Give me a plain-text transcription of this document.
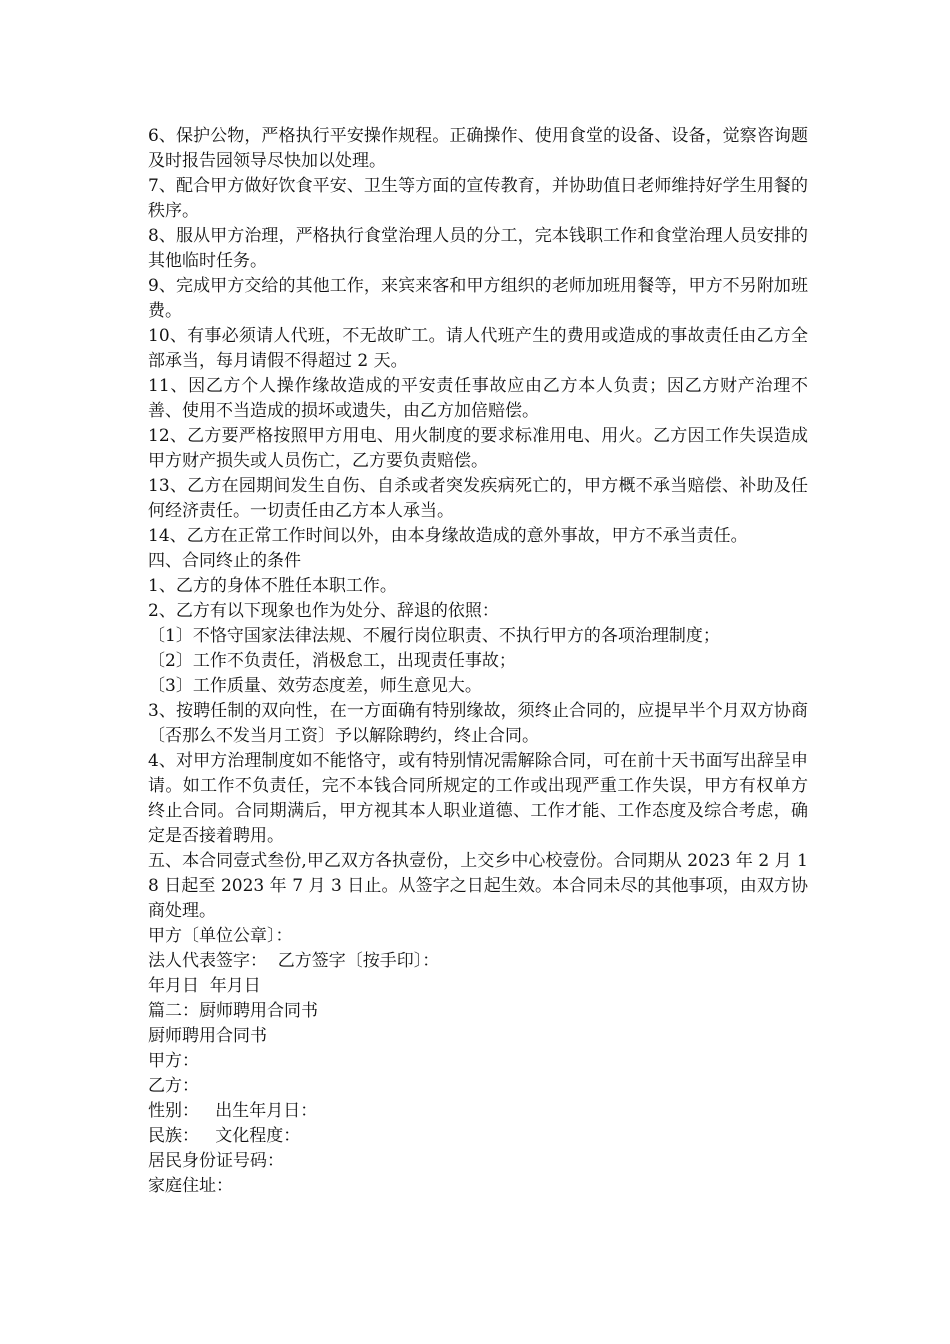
6、保护公物，严格执行平安操作规程。正确操作、使用食堂的设备、设备，觉察咨询题及时报告园领导尽快加以处理。

7、配合甲方做好饮食平安、卫生等方面的宣传教育，并协助值日老师维持好学生用餐的秩序。

8、服从甲方治理，严格执行食堂治理人员的分工，完本钱职工作和食堂治理人员安排的其他临时任务。

9、完成甲方交给的其他工作，来宾来客和甲方组织的老师加班用餐等，甲方不另附加班费。

10、有事必须请人代班，不无故旷工。请人代班产生的费用或造成的事故责任由乙方全部承当，每月请假不得超过 2 天。

11、因乙方个人操作缘故造成的平安责任事故应由乙方本人负责；因乙方财产治理不善、使用不当造成的损坏或遗失，由乙方加倍赔偿。

12、乙方要严格按照甲方用电、用火制度的要求标准用电、用火。乙方因工作失误造成甲方财产损失或人员伤亡，乙方要负责赔偿。

13、乙方在园期间发生自伤、自杀或者突发疾病死亡的，甲方概不承当赔偿、补助及任何经济责任。一切责任由乙方本人承当。

14、乙方在正常工作时间以外，由本身缘故造成的意外事故，甲方不承当责任。

四、合同终止的条件

1、乙方的身体不胜任本职工作。

2、乙方有以下现象也作为处分、辞退的依照：

〔1〕不恪守国家法律法规、不履行岗位职责、不执行甲方的各项治理制度；

〔2〕工作不负责任，消极怠工，出现责任事故；

〔3〕工作质量、效劳态度差，师生意见大。

3、按聘任制的双向性，在一方面确有特别缘故，须终止合同的，应提早半个月双方协商〔否那么不发当月工资〕予以解除聘约，终止合同。

4、对甲方治理制度如不能恪守，或有特别情况需解除合同，可在前十天书面写出辞呈申请。如工作不负责任，完不本钱合同所规定的工作或出现严重工作失误，甲方有权单方终止合同。合同期满后，甲方视其本人职业道德、工作才能、工作态度及综合考虑，确定是否接着聘用。

五、本合同壹式叁份,甲乙双方各执壹份，上交乡中心校壹份。合同期从 2023 年 2 月 18 日起至 2023 年 7 月 3 日止。从签字之日起生效。本合同未尽的其他事项，由双方协商处理。

甲方〔单位公章〕：

法人代表签字：  乙方签字〔按手印〕：

年月日  年月日

篇二：厨师聘用合同书

厨师聘用合同书

甲方：

乙方：

性别：   出生年月日：

民族：   文化程度：

居民身份证号码：

家庭住址：
